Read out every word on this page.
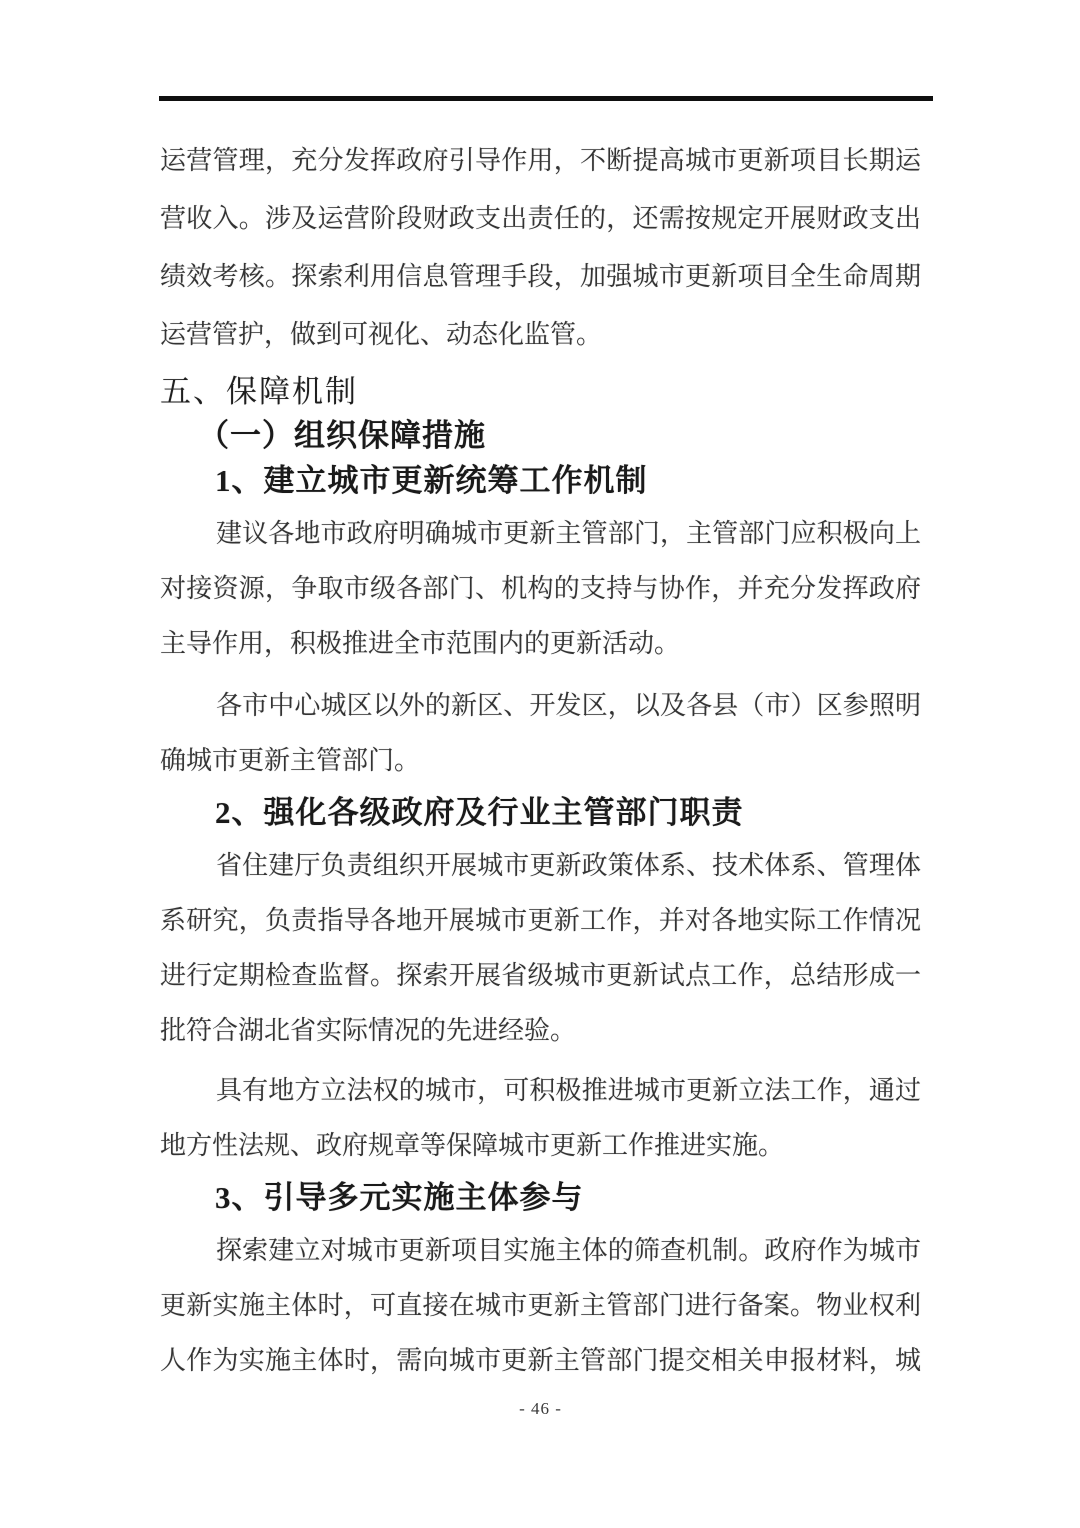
运营管理，充分发挥政府引导作用，不断提高城市更新项目长期运
营收入。涉及运营阶段财政支出责任的，还需按规定开展财政支出
绩效考核。探索利用信息管理手段，加强城市更新项目全生命周期
运营管护，做到可视化、动态化监管。
五、保障机制
（一）组织保障措施
1、建立城市更新统筹工作机制
建议各地市政府明确城市更新主管部门，主管部门应积极向上
对接资源，争取市级各部门、机构的支持与协作，并充分发挥政府
主导作用，积极推进全市范围内的更新活动。
各市中心城区以外的新区、开发区，以及各县（市）区参照明
确城市更新主管部门。
2、强化各级政府及行业主管部门职责
省住建厅负责组织开展城市更新政策体系、技术体系、管理体
系研究，负责指导各地开展城市更新工作，并对各地实际工作情况
进行定期检查监督。探索开展省级城市更新试点工作，总结形成一
批符合湖北省实际情况的先进经验。
具有地方立法权的城市，可积极推进城市更新立法工作，通过
地方性法规、政府规章等保障城市更新工作推进实施。
3、引导多元实施主体参与
探索建立对城市更新项目实施主体的筛查机制。政府作为城市
更新实施主体时，可直接在城市更新主管部门进行备案。物业权利
人作为实施主体时，需向城市更新主管部门提交相关申报材料，城
- 46 -
